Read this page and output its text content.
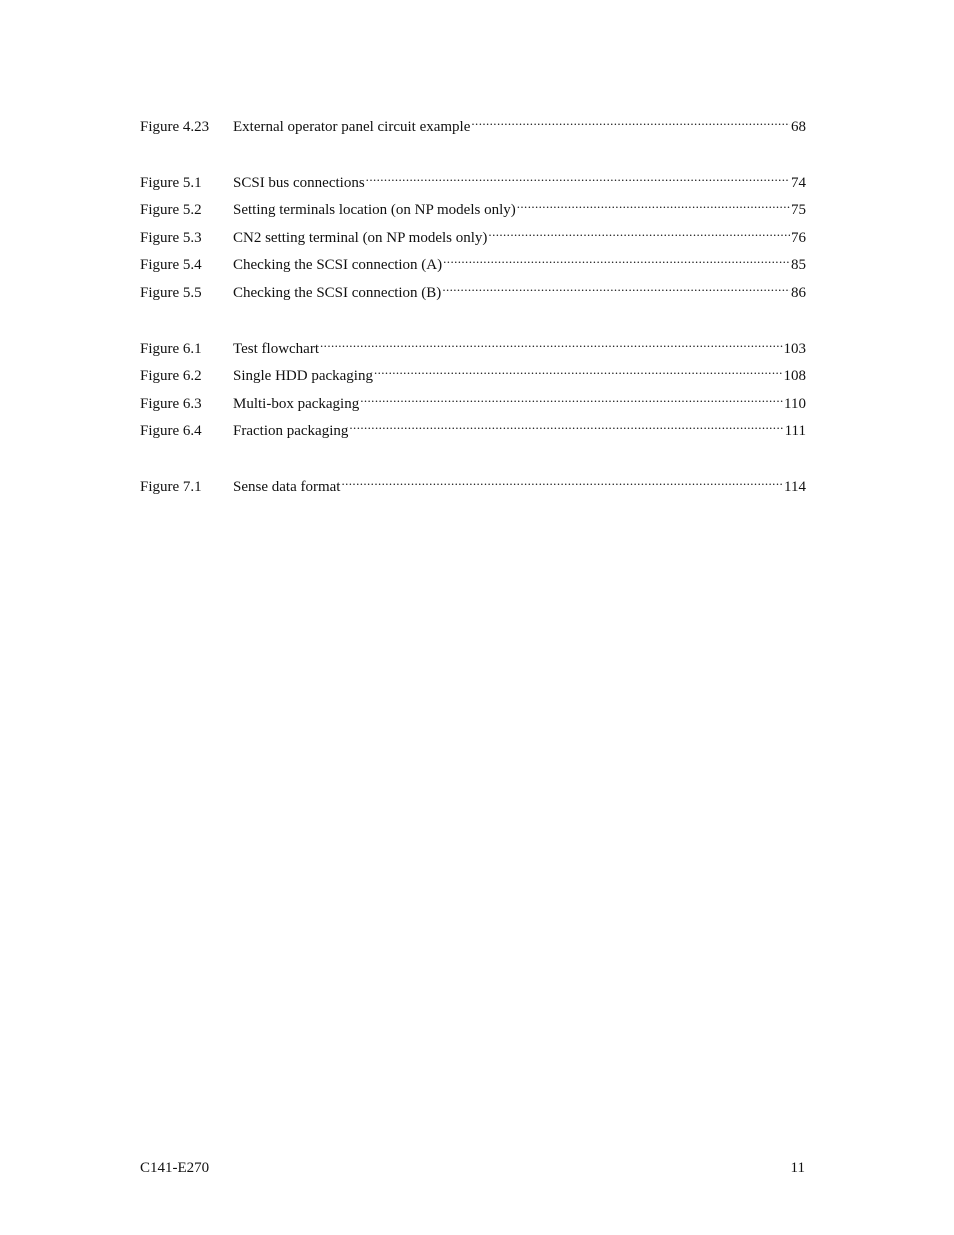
Figure 4.23	External operator panel circuit example .....	68
Figure 5.1	SCSI bus connections .....	74
Figure 5.2	Setting terminals location (on NP models only) .....	75
Figure 5.3	CN2 setting terminal (on NP models only) .....	76
Figure 5.4	Checking the SCSI connection (A) .....	85
Figure 5.5	Checking the SCSI connection (B) .....	86
Figure 6.1	Test flowchart .....	103
Figure 6.2	Single HDD packaging .....	108
Figure 6.3	Multi-box packaging .....	110
Figure 6.4	Fraction packaging .....	111
Figure 7.1	Sense data format .....	114
C141-E270	11
